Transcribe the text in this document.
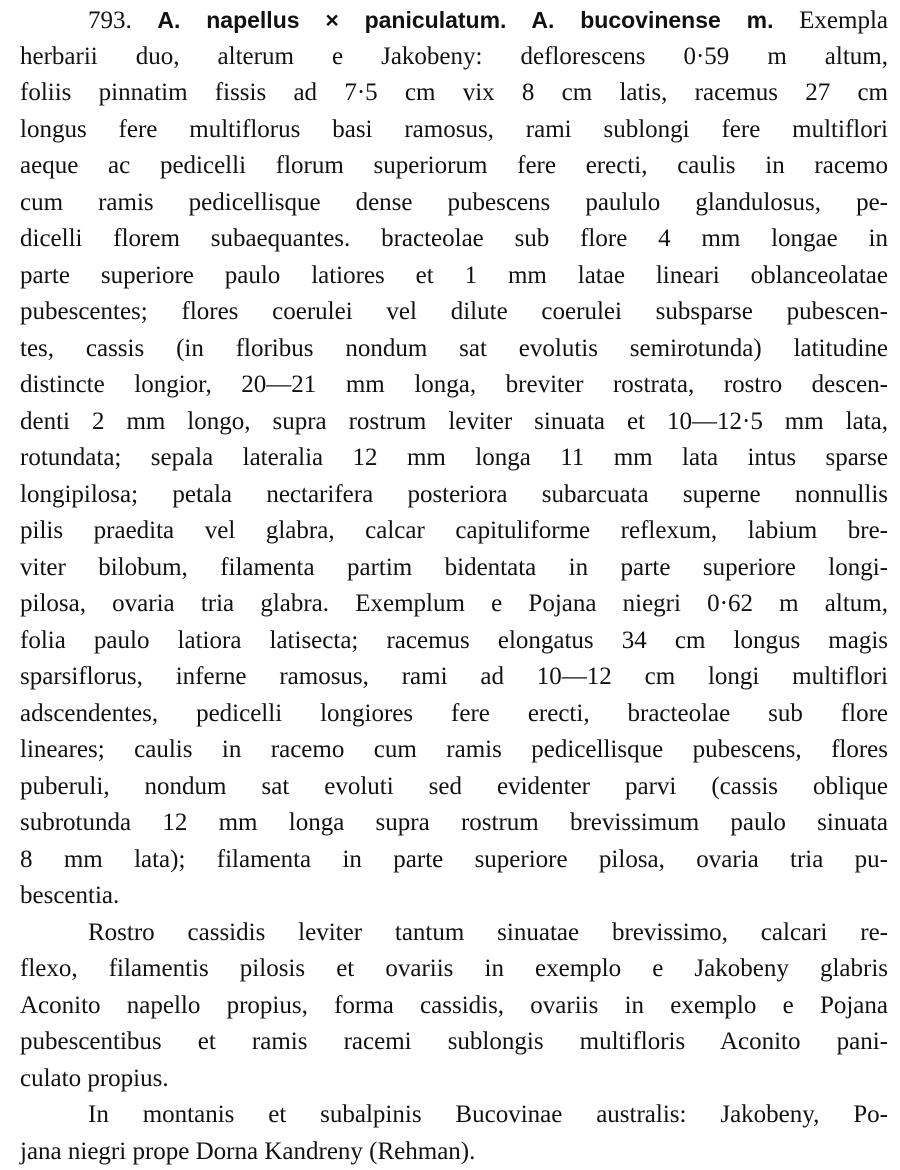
793. A. napellus × paniculatum. A. bucovinense m. Exempla
herbarii duo, alterum e Jakobeny: deflorescens 0·59 m altum,
foliis pinnatim fissis ad 7·5 cm vix 8 cm latis, racemus 27 cm
longus fere multiflorus basi ramosus, rami sublongi fere multiflori
aeque ac pedicelli florum superiorum fere erecti, caulis in racemo
cum ramis pedicellisque dense pubescens paululo glandulosus, pe-
dicelli florem subaequantes. bracteolae sub flore 4 mm longae in
parte superiore paulo latiores et 1 mm latae lineari oblanceolatae
pubescentes; flores coerulei vel dilute coerulei subsparse pubescen-
tes, cassis (in floribus nondum sat evolutis semirotunda) latitudine
distincte longior, 20—21 mm longa, breviter rostrata, rostro descen-
denti 2 mm longo, supra rostrum leviter sinuata et 10—12·5 mm lata,
rotundata; sepala lateralia 12 mm longa 11 mm lata intus sparse
longipilosa; petala nectarifera posteriora subarcuata superne nonnullis
pilis praedita vel glabra, calcar capituliforme reflexum, labium bre-
viter bilobum, filamenta partim bidentata in parte superiore longi-
pilosa, ovaria tria glabra. Exemplum e Pojana niegri 0·62 m altum,
folia paulo latiora latisecta; racemus elongatus 34 cm longus magis
sparsiflorus, inferne ramosus, rami ad 10—12 cm longi multiflori
adscendentes, pedicelli longiores fere erecti, bracteolae sub flore
lineares; caulis in racemo cum ramis pedicellisque pubescens, flores
puberuli, nondum sat evoluti sed evidenter parvi (cassis oblique
subrotunda 12 mm longa supra rostrum brevissimum paulo sinuata
8 mm lata); filamenta in parte superiore pilosa, ovaria tria pu-
bescentia.
Rostro cassidis leviter tantum sinuatae brevissimo, calcari re-
flexo, filamentis pilosis et ovariis in exemplo e Jakobeny glabris
Aconito napello propius, forma cassidis, ovariis in exemplo e Pojana
pubescentibus et ramis racemi sublongis multifloris Aconito pani-
culato propius.
In montanis et subalpinis Bucovinae australis: Jakobeny, Po-
jana niegri prope Dorna Kandreny (Rehman).
